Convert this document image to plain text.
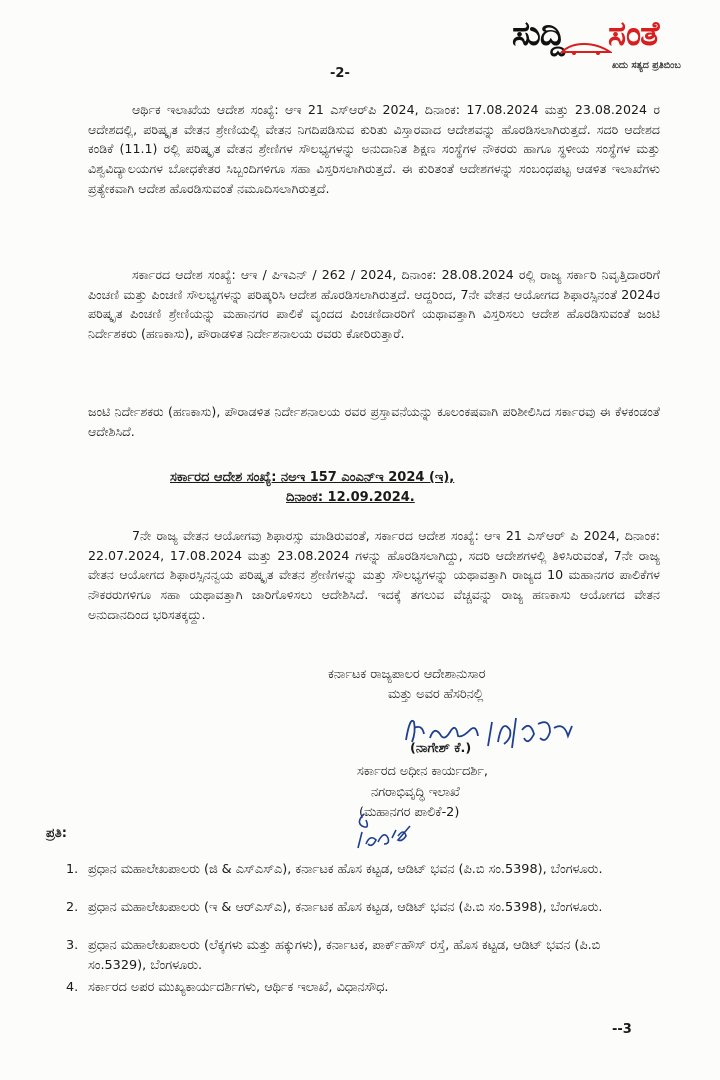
ಸುದ್ದಿ ಸಂತೆ
ಖದು ಸತ್ಯದ ಪ್ರತಿಬಿಂಬ
-2-
ಆರ್ಥಿಕ ಇಲಾಖೆಯ ಆದೇಶ ಸಂಖ್ಯೆ: ಆಇ 21 ಎಸ್‌ಆರ್‌ಪಿ 2024, ದಿನಾಂಕ: 17.08.2024 ಮತ್ತು 23.08.2024 ರ ಆದೇಶದಲ್ಲಿ, ಪರಿಷ್ಕೃತ ವೇತನ ಶ್ರೇಣಿಯಲ್ಲಿ ವೇತನ ನಿಗದಿಪಡಿಸುವ ಕುರಿತು ವಿಸ್ತಾರವಾದ ಆದೇಶವನ್ನು ಹೊರಡಿಸಲಾಗಿರುತ್ತದೆ. ಸದರಿ ಆದೇಶದ ಕಂಡಿಕೆ (11.1) ರಲ್ಲಿ ಪರಿಷ್ಕೃತ ವೇತನ ಶ್ರೇಣಿಗಳ ಸೌಲಭ್ಯಗಳನ್ನು ಅನುದಾನಿತ ಶಿಕ್ಷಣ ಸಂಸ್ಥೆಗಳ ನೌಕರರು ಹಾಗೂ ಸ್ಥಳೀಯ ಸಂಸ್ಥೆಗಳ ಮತ್ತು ವಿಶ್ವವಿದ್ಯಾಲಯಗಳ ಬೋಧಕೇತರ ಸಿಬ್ಬಂದಿಗಳಿಗೂ ಸಹಾ ವಿಸ್ತರಿಸಲಾಗಿರುತ್ತದೆ. ಈ ಕುರಿತಂತೆ ಆದೇಶಗಳನ್ನು ಸಂಬಂಧಪಟ್ಟ ಆಡಳಿತ ಇಲಾಖೆಗಳು ಪ್ರತ್ಯೇಕವಾಗಿ ಆದೇಶ ಹೊರಡಿಸುವಂತೆ ನಮೂದಿಸಲಾಗಿರುತ್ತದೆ.
ಸರ್ಕಾರದ ಆದೇಶ ಸಂಖ್ಯೆ: ಆಇ / ಪಿಇಎನ್ / 262 / 2024, ದಿನಾಂಕ: 28.08.2024 ರಲ್ಲಿ ರಾಜ್ಯ ಸರ್ಕಾರಿ ನಿವೃತ್ತಿದಾರರಿಗೆ ಪಿಂಚಣಿ ಮತ್ತು ಪಿಂಚಣಿ ಸೌಲಭ್ಯಗಳನ್ನು ಪರಿಷ್ಕರಿಸಿ ಆದೇಶ ಹೊರಡಿಸಲಾಗಿರುತ್ತದೆ. ಆದ್ದರಿಂದ, 7ನೇ ವೇತನ ಆಯೋಗದ ಶಿಫಾರಸ್ಸಿನಂತೆ 2024ರ ಪರಿಷ್ಕೃತ ಪಿಂಚಣಿ ಶ್ರೇಣಿಯನ್ನು ಮಹಾನಗರ ಪಾಲಿಕೆ ವೃಂದದ ಪಿಂಚಣಿದಾರರಿಗೆ ಯಥಾವತ್ತಾಗಿ ವಿಸ್ತರಿಸಲು ಆದೇಶ ಹೊರಡಿಸುವಂತೆ ಜಂಟಿ ನಿರ್ದೇಶಕರು (ಹಣಕಾಸು), ಪೌರಾಡಳಿತ ನಿರ್ದೇಶನಾಲಯ ರವರು ಕೋರಿರುತ್ತಾರೆ.
ಜಂಟಿ ನಿರ್ದೇಶಕರು (ಹಣಕಾಸು), ಪೌರಾಡಳಿತ ನಿರ್ದೇಶನಾಲಯ ರವರ ಪ್ರಸ್ತಾವನೆಯನ್ನು ಕೂಲಂಕಷವಾಗಿ ಪರಿಶೀಲಿಸಿದ ಸರ್ಕಾರವು ಈ ಕೆಳಕಂಡಂತೆ ಆದೇಶಿಸಿದೆ.
ಸರ್ಕಾರದ ಆದೇಶ ಸಂಖ್ಯೆ: ನಅಇ 157 ಎಂಎನ್‌ಇ 2024 (ಇ),
ದಿನಾಂಕ: 12.09.2024.
7ನೇ ರಾಜ್ಯ ವೇತನ ಆಯೋಗವು ಶಿಫಾರಸ್ಸು ಮಾಡಿರುವಂತೆ, ಸರ್ಕಾರದ ಆದೇಶ ಸಂಖ್ಯೆ: ಆಇ 21 ಎಸ್‌ಆರ್ ಪಿ 2024, ದಿನಾಂಕ: 22.07.2024, 17.08.2024 ಮತ್ತು 23.08.2024 ಗಳನ್ನು ಹೊರಡಿಸಲಾಗಿದ್ದು, ಸದರಿ ಆದೇಶಗಳಲ್ಲಿ ತಿಳಿಸಿರುವಂತೆ, 7ನೇ ರಾಜ್ಯ ವೇತನ ಆಯೋಗದ ಶಿಫಾರಸ್ಸಿನನ್ವಯ ಪರಿಷ್ಕೃತ ವೇತನ ಶ್ರೇಣಿಗಳನ್ನು ಮತ್ತು ಸೌಲಭ್ಯಗಳನ್ನು ಯಥಾವತ್ತಾಗಿ ರಾಜ್ಯದ 10 ಮಹಾನಗರ ಪಾಲಿಕೆಗಳ ನೌಕರರುಗಳಿಗೂ ಸಹಾ ಯಥಾವತ್ತಾಗಿ ಜಾರಿಗೊಳಿಸಲು ಆದೇಶಿಸಿದೆ. ಇದಕ್ಕೆ ತಗಲುವ ವೆಚ್ಚವನ್ನು ರಾಜ್ಯ ಹಣಕಾಸು ಆಯೋಗದ ವೇತನ ಅನುದಾನದಿಂದ ಭರಿಸತಕ್ಕದ್ದು.
ಕರ್ನಾಟಕ ರಾಜ್ಯಪಾಲರ ಆದೇಶಾನುಸಾರ
ಮತ್ತು ಅವರ ಹೆಸರಿನಲ್ಲಿ
(ನಾಗೇಶ್ ಕೆ.)
ಸರ್ಕಾರದ ಅಧೀನ ಕಾರ್ಯದರ್ಶಿ,
ನಗರಾಭಿವೃದ್ಧಿ ಇಲಾಖೆ
(ಮಹಾನಗರ ಪಾಲಿಕೆ-2)
ಪ್ರತಿ:
1. ಪ್ರಧಾನ ಮಹಾಲೇಖಪಾಲರು (ಜಿ & ಎಸ್‌ಎಸ್‌ಎ), ಕರ್ನಾಟಕ ಹೊಸ ಕಟ್ಟಡ, ಆಡಿಟ್ ಭವನ (ಪಿ.ಬಿ ಸಂ.5398), ಬೆಂಗಳೂರು.
2. ಪ್ರಧಾನ ಮಹಾಲೇಖಪಾಲರು (ಇ & ಆರ್‌ಎಸ್‌ಎ), ಕರ್ನಾಟಕ ಹೊಸ ಕಟ್ಟಡ, ಆಡಿಟ್ ಭವನ (ಪಿ.ಬಿ ಸಂ.5398), ಬೆಂಗಳೂರು.
3. ಪ್ರಧಾನ ಮಹಾಲೇಖಪಾಲರು (ಲೆಕ್ಕಗಳು ಮತ್ತು ಹಕ್ಕುಗಳು), ಕರ್ನಾಟಕ, ಪಾರ್ಕ್‌ಹೌಸ್ ರಸ್ತೆ, ಹೊಸ ಕಟ್ಟಡ, ಆಡಿಟ್ ಭವನ (ಪಿ.ಬಿ ಸಂ.5329), ಬೆಂಗಳೂರು.
4. ಸರ್ಕಾರದ ಅಪರ ಮುಖ್ಯಕಾರ್ಯದರ್ಶಿಗಳು, ಆರ್ಥಿಕ ಇಲಾಖೆ, ವಿಧಾನಸೌಧ.
--3
